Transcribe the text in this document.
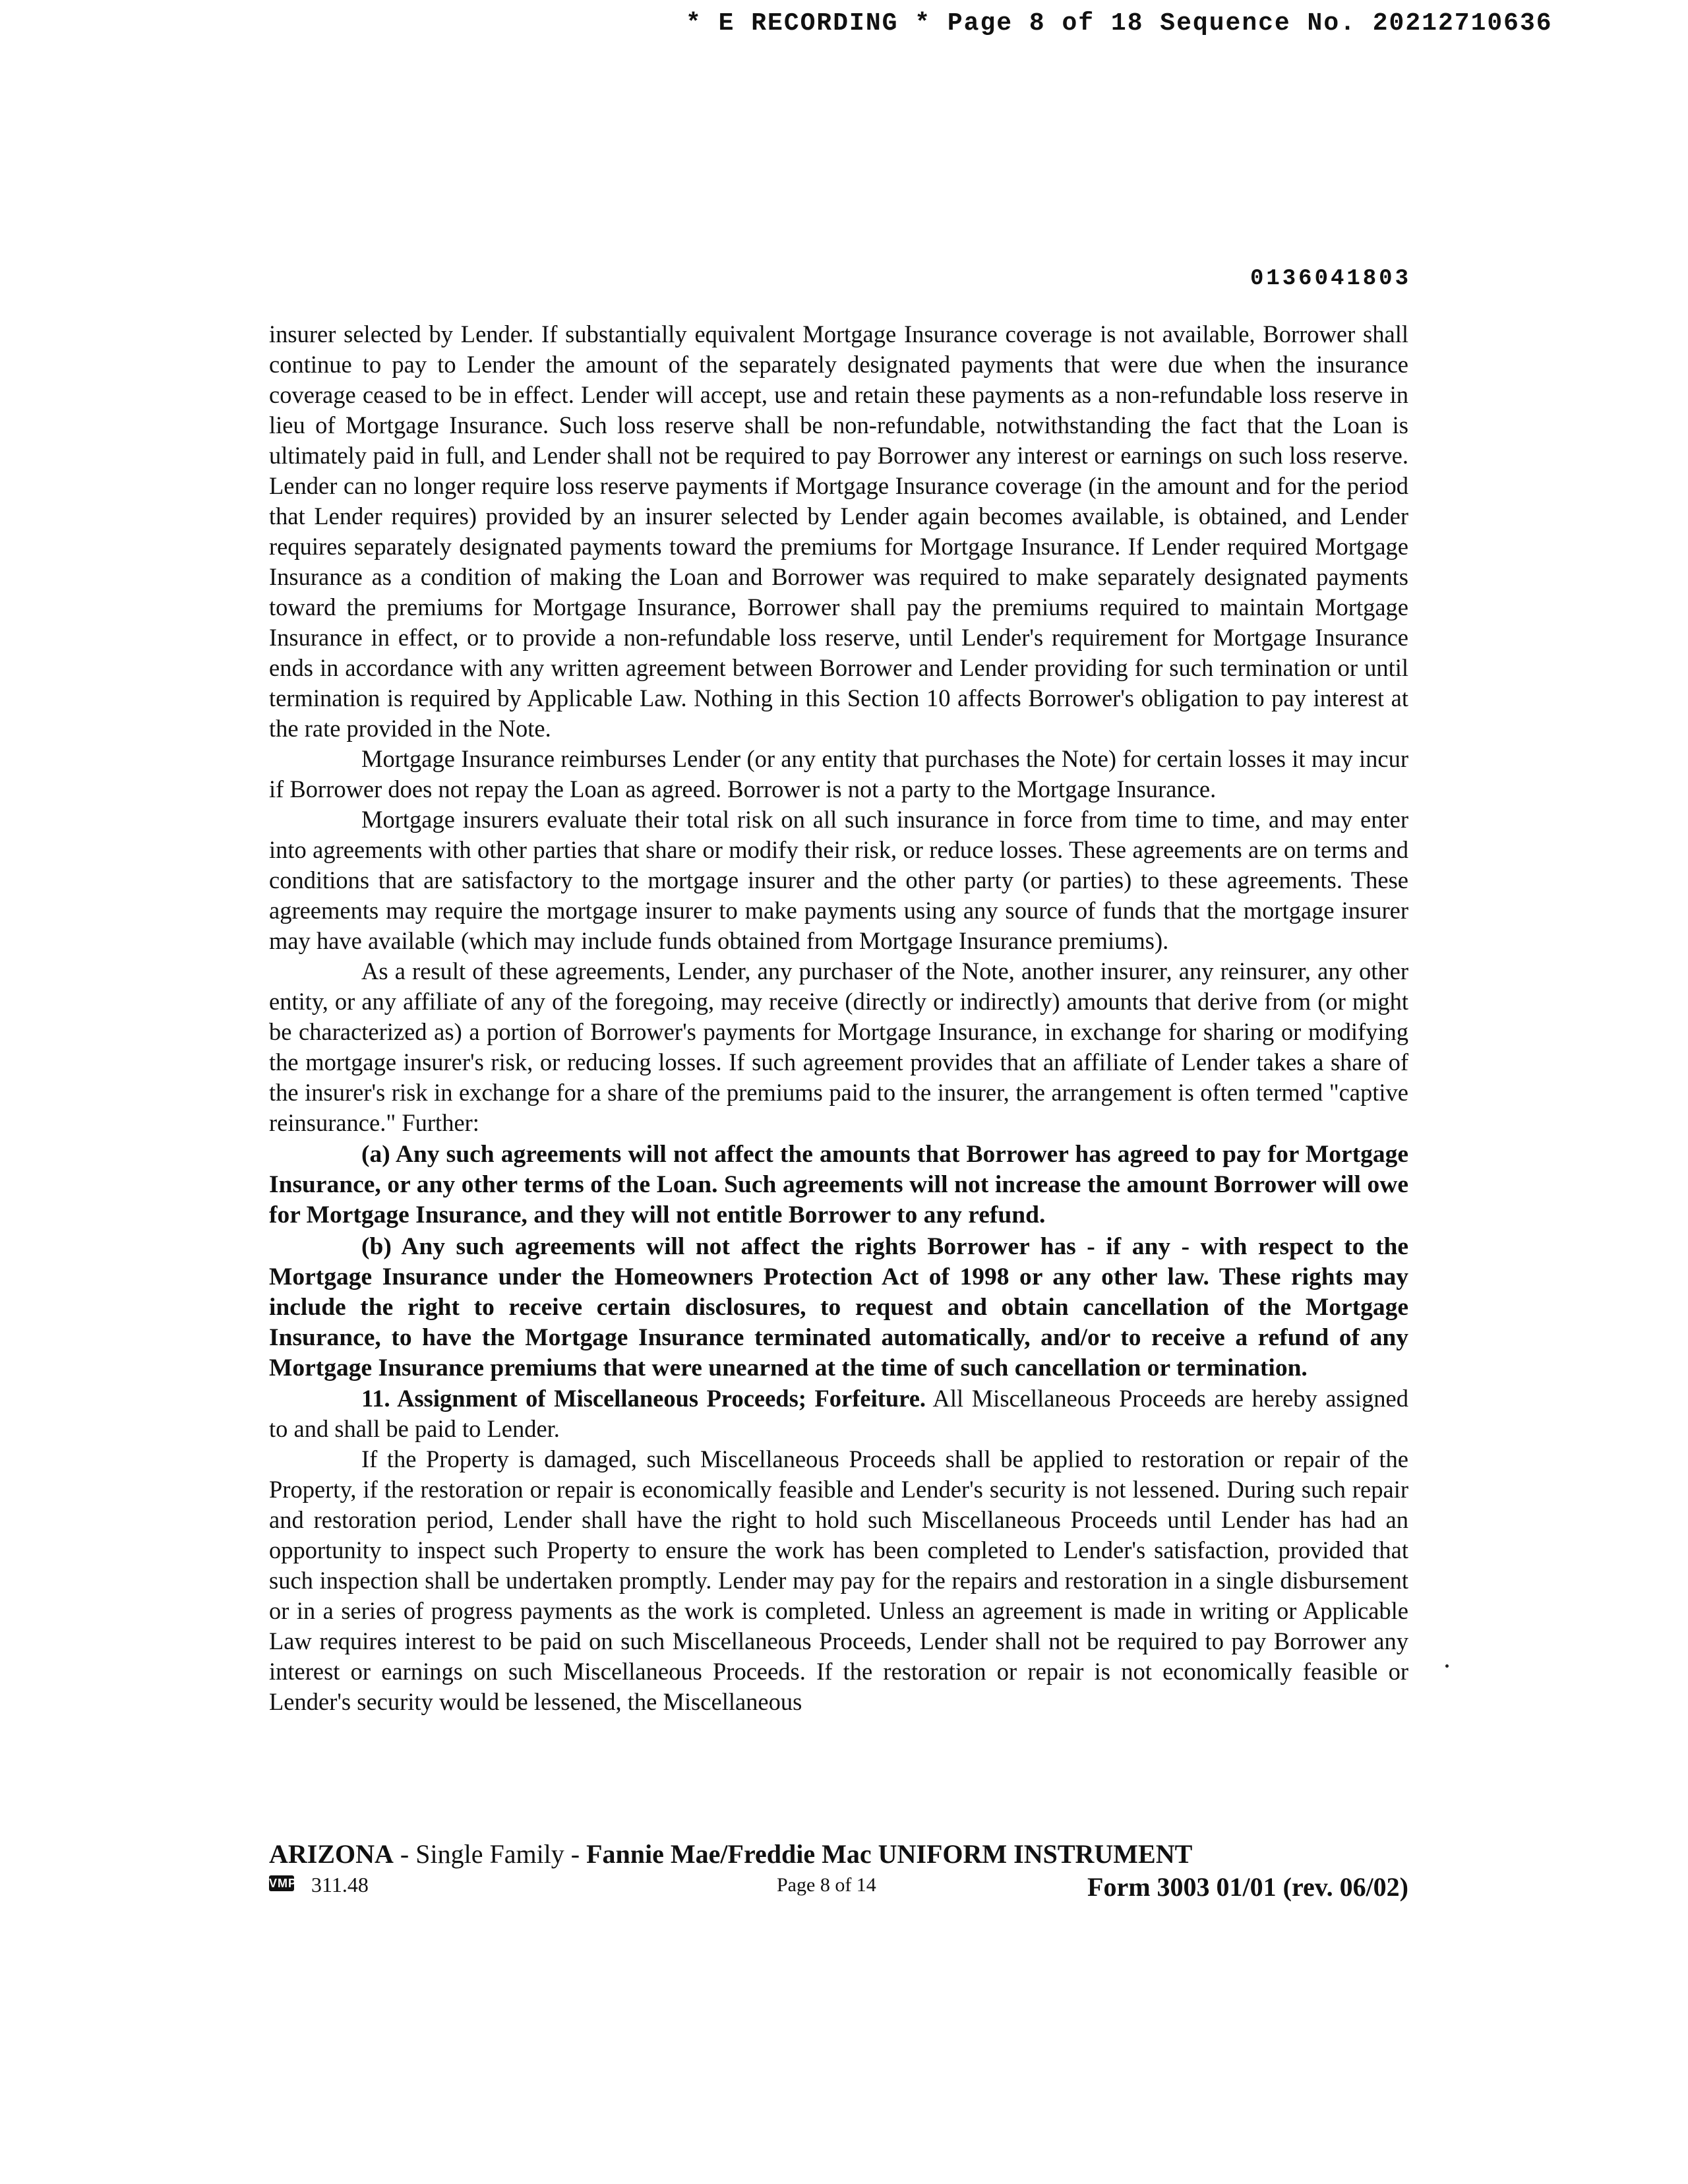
* E RECORDING * Page 8 of 18 Sequence No. 20212710636
0136041803

insurer selected by Lender. If substantially equivalent Mortgage Insurance coverage is not available, Borrower shall continue to pay to Lender the amount of the separately designated payments that were due when the insurance coverage ceased to be in effect. Lender will accept, use and retain these payments as a non-refundable loss reserve in lieu of Mortgage Insurance. Such loss reserve shall be non-refundable, notwithstanding the fact that the Loan is ultimately paid in full, and Lender shall not be required to pay Borrower any interest or earnings on such loss reserve. Lender can no longer require loss reserve payments if Mortgage Insurance coverage (in the amount and for the period that Lender requires) provided by an insurer selected by Lender again becomes available, is obtained, and Lender requires separately designated payments toward the premiums for Mortgage Insurance. If Lender required Mortgage Insurance as a condition of making the Loan and Borrower was required to make separately designated payments toward the premiums for Mortgage Insurance, Borrower shall pay the premiums required to maintain Mortgage Insurance in effect, or to provide a non-refundable loss reserve, until Lender's requirement for Mortgage Insurance ends in accordance with any written agreement between Borrower and Lender providing for such termination or until termination is required by Applicable Law. Nothing in this Section 10 affects Borrower's obligation to pay interest at the rate provided in the Note.

Mortgage Insurance reimburses Lender (or any entity that purchases the Note) for certain losses it may incur if Borrower does not repay the Loan as agreed. Borrower is not a party to the Mortgage Insurance.

Mortgage insurers evaluate their total risk on all such insurance in force from time to time, and may enter into agreements with other parties that share or modify their risk, or reduce losses. These agreements are on terms and conditions that are satisfactory to the mortgage insurer and the other party (or parties) to these agreements. These agreements may require the mortgage insurer to make payments using any source of funds that the mortgage insurer may have available (which may include funds obtained from Mortgage Insurance premiums).

As a result of these agreements, Lender, any purchaser of the Note, another insurer, any reinsurer, any other entity, or any affiliate of any of the foregoing, may receive (directly or indirectly) amounts that derive from (or might be characterized as) a portion of Borrower's payments for Mortgage Insurance, in exchange for sharing or modifying the mortgage insurer's risk, or reducing losses. If such agreement provides that an affiliate of Lender takes a share of the insurer's risk in exchange for a share of the premiums paid to the insurer, the arrangement is often termed "captive reinsurance." Further:

(a) Any such agreements will not affect the amounts that Borrower has agreed to pay for Mortgage Insurance, or any other terms of the Loan. Such agreements will not increase the amount Borrower will owe for Mortgage Insurance, and they will not entitle Borrower to any refund.

(b) Any such agreements will not affect the rights Borrower has - if any - with respect to the Mortgage Insurance under the Homeowners Protection Act of 1998 or any other law. These rights may include the right to receive certain disclosures, to request and obtain cancellation of the Mortgage Insurance, to have the Mortgage Insurance terminated automatically, and/or to receive a refund of any Mortgage Insurance premiums that were unearned at the time of such cancellation or termination.

11. Assignment of Miscellaneous Proceeds; Forfeiture. All Miscellaneous Proceeds are hereby assigned to and shall be paid to Lender.

If the Property is damaged, such Miscellaneous Proceeds shall be applied to restoration or repair of the Property, if the restoration or repair is economically feasible and Lender's security is not lessened. During such repair and restoration period, Lender shall have the right to hold such Miscellaneous Proceeds until Lender has had an opportunity to inspect such Property to ensure the work has been completed to Lender's satisfaction, provided that such inspection shall be undertaken promptly. Lender may pay for the repairs and restoration in a single disbursement or in a series of progress payments as the work is completed. Unless an agreement is made in writing or Applicable Law requires interest to be paid on such Miscellaneous Proceeds, Lender shall not be required to pay Borrower any interest or earnings on such Miscellaneous Proceeds. If the restoration or repair is not economically feasible or Lender's security would be lessened, the Miscellaneous

ARIZONA - Single Family - Fannie Mae/Freddie Mac UNIFORM INSTRUMENT
VMP 311.48	Page 8 of 14	Form 3003 01/01 (rev. 06/02)
